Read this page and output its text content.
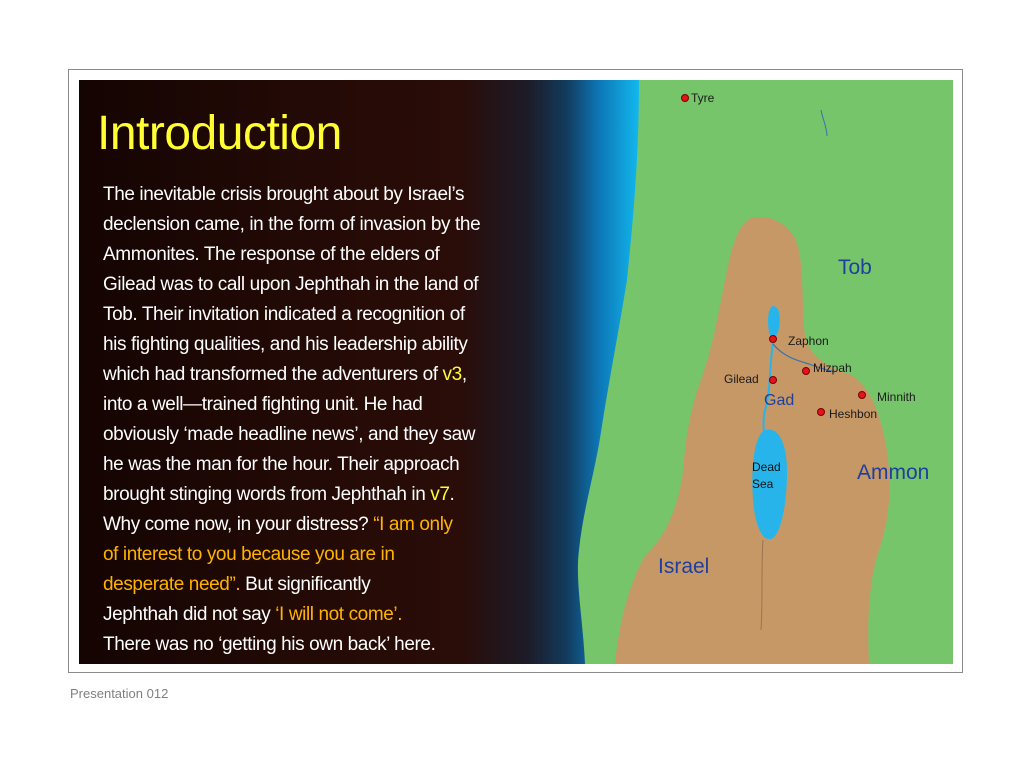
Introduction
The inevitable crisis brought about by Israel’s
declension came, in the form of invasion by the
Ammonites. The response of the elders of
Gilead was to call upon Jephthah in the land of
Tob. Their invitation indicated a recognition of
his fighting qualities, and his leadership ability
which had transformed the adventurers of v3,
into a well—trained fighting unit. He had
obviously ‘made headline news’, and they saw
he was the man for the hour. Their approach
brought stinging words from Jephthah in v7.
Why come now, in your distress? “I am only
of interest to you because you are in
desperate need”. But significantly
Jephthah did not say ‘I will not come’.
There was no ‘getting his own back’ here.
Tyre
Zaphon
Mizpah
Gilead
Minnith
Heshbon
Dead
Sea
Tob
Gad
Ammon
Israel
Presentation 012
